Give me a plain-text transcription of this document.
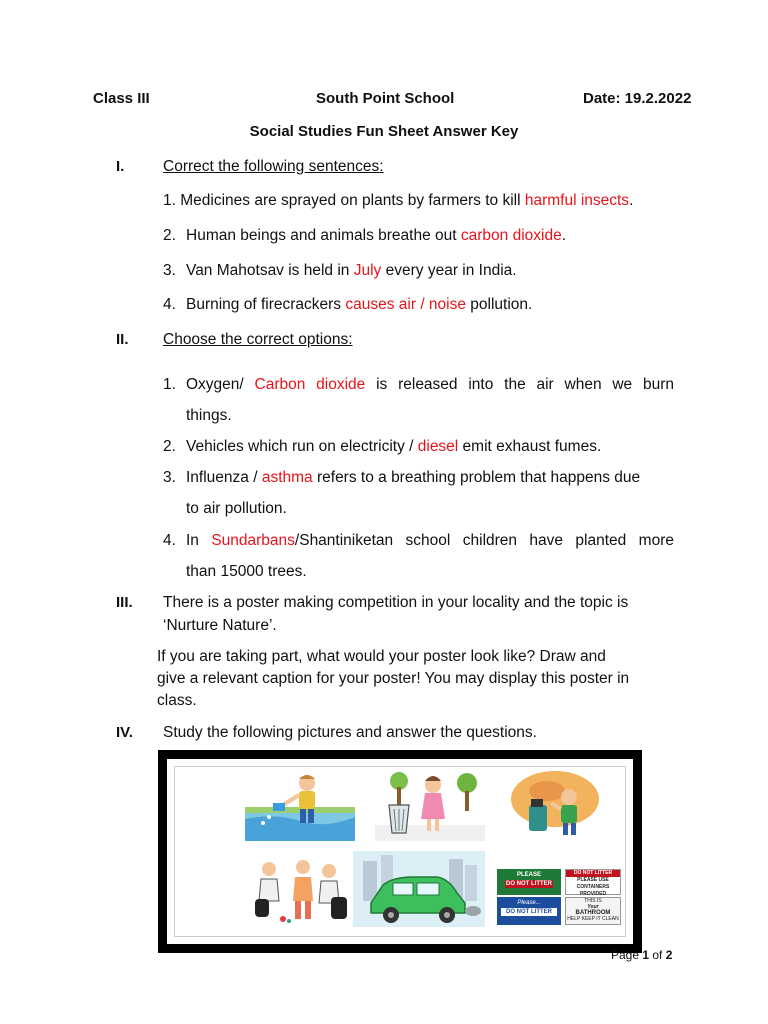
Class III	South Point School	Date: 19.2.2022
Social Studies Fun Sheet Answer Key
I. Correct the following sentences:
1. Medicines are sprayed on plants by farmers to kill harmful insects.
2. Human beings and animals breathe out carbon dioxide.
3. Van Mahotsav is held in July every year in India.
4. Burning of firecrackers causes air / noise pollution.
II. Choose the correct options:
1. Oxygen/ Carbon dioxide is released into the air when we burn
things.
2. Vehicles which run on electricity / diesel emit exhaust fumes.
3. Influenza / asthma refers to a breathing problem that happens due
to air pollution.
4. In Sundarbans/Shantiniketan school children have planted more
than 15000 trees.
III. There is a poster making competition in your locality and the topic is
‘Nurture Nature’.
If you are taking part, what would your poster look like? Draw and
give a relevant caption for your poster! You may display this poster in
class.
IV. Study the following pictures and answer the questions.
PLEASE
DO NOT LITTER
DO NOT LITTER
PLEASE USE CONTAINERS PROVIDED
Please...
DO NOT LITTER
THIS IS
Your
BATHROOM
HELP KEEP IT CLEAN
Page 1 of 2
